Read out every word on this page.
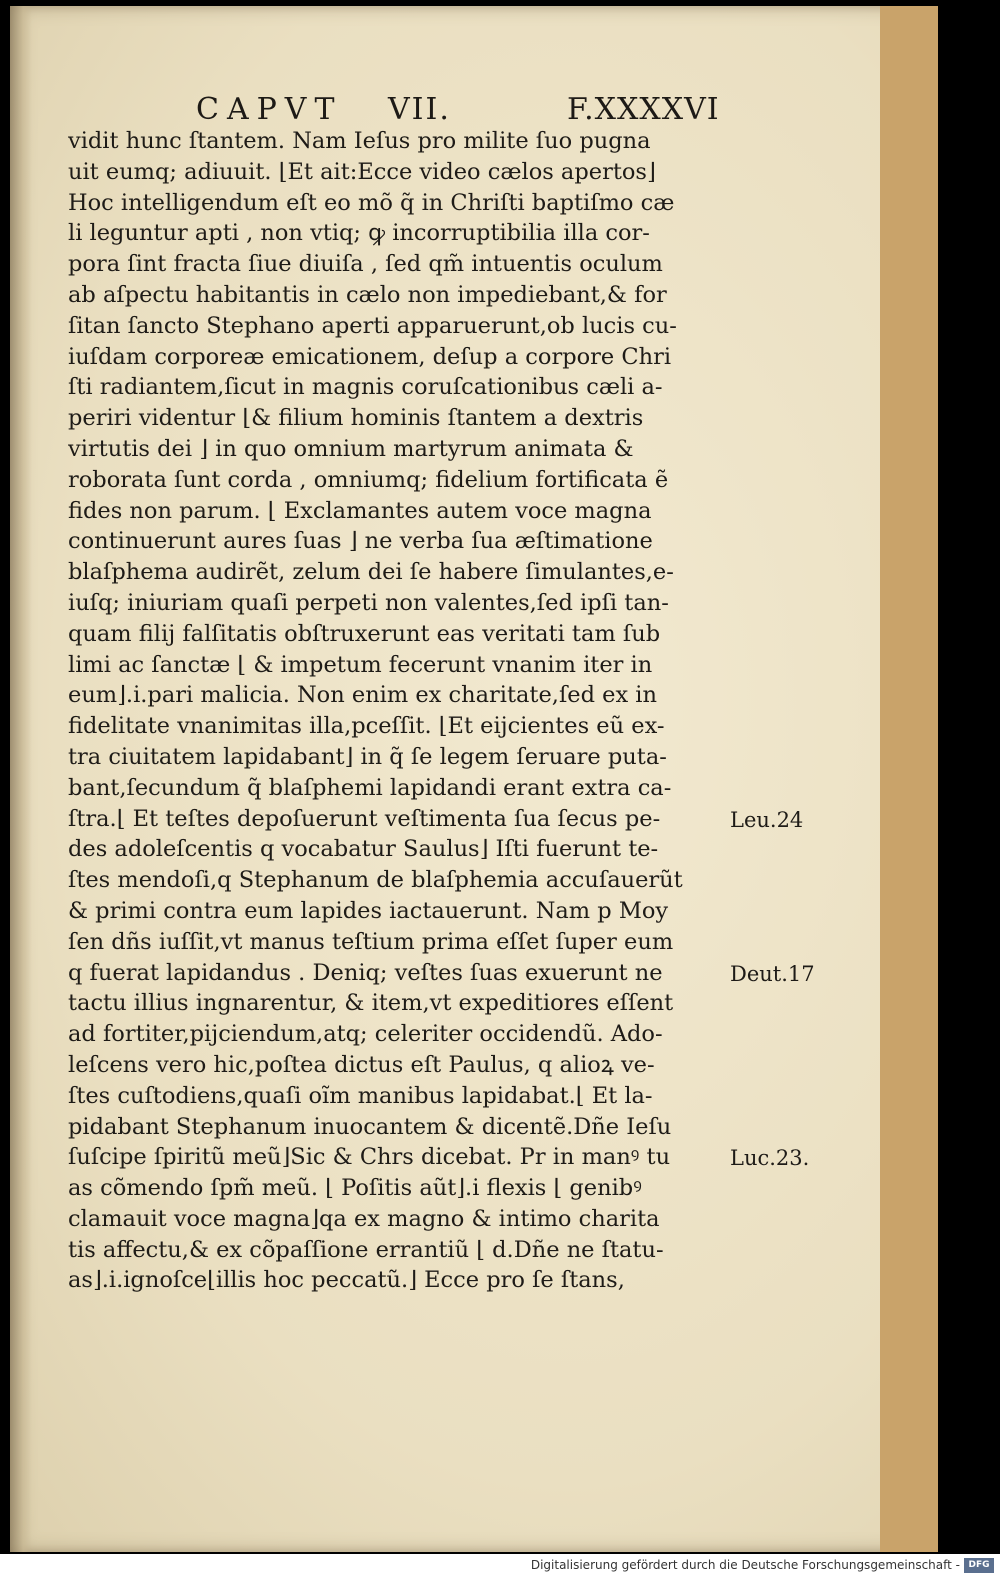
CAPVT VII.	F.XXXXVI
vidit hunc ſtantem. Nam Ieſus pro milite ſuo pugna
uit eumq; adiuuit. ⌊Et ait:Ecce video cælos apertos⌋
Hoc intelligendum eſt eo mõ q̃ in Chriſti baptiſmo cæ
li leguntur apti , non vtiq; ꝙ incorruptibilia illa cor-
pora ſint fracta ſiue diuiſa , ſed qm̃ intuentis oculum
ab aſpectu habitantis in cælo non impediebant,& for
ſitan ſancto Stephano aperti apparuerunt,ob lucis cu-
iuſdam corporeæ emicationem, deſup a corpore Chri
ſti radiantem,ſicut in magnis coruſcationibus cæli a-
periri videntur ⌊& filium hominis ſtantem a dextris
virtutis dei ⌋ in quo omnium martyrum animata &
roborata ſunt corda , omniumq; fidelium fortificata ẽ
fides non parum. ⌊ Exclamantes autem voce magna
continuerunt aures ſuas ⌋ ne verba ſua æſtimatione
blaſphema audirẽt, zelum dei ſe habere ſimulantes,e-
iuſq; iniuriam quaſi perpeti non valentes,ſed ipſi tan-
quam filij falſitatis obſtruxerunt eas veritati tam ſub
limi ac ſanctæ ⌊ & impetum fecerunt vnanim iter in
eum⌋.i.pari malicia. Non enim ex charitate,ſed ex in
fidelitate vnanimitas illa,pceſſit. ⌊Et eijcientes eũ ex-
tra ciuitatem lapidabant⌋ in q̃ ſe legem ſeruare puta-
bant,ſecundum q̃ blaſphemi lapidandi erant extra ca-
ſtra.⌊ Et teſtes depoſuerunt veſtimenta ſua ſecus pe-
des adoleſcentis q vocabatur Saulus⌋ Iſti fuerunt te-
ſtes mendoſi,q Stephanum de blaſphemia accuſauerũt
& primi contra eum lapides iactauerunt. Nam p Moy
ſen dñs iuſſit,vt manus teſtium prima eſſet ſuper eum
q fuerat lapidandus . Deniq; veſtes ſuas exuerunt ne
tactu illius ingnarentur, & item,vt expeditiores eſſent
ad fortiter,pijciendum,atq; celeriter occidendũ. Ado-
leſcens vero hic,poſtea dictus eſt Paulus, q alioꝝ ve-
ſtes cuſtodiens,quaſi oĩm manibus lapidabat.⌊ Et la-
pidabant Stephanum inuocantem & dicentẽ.Dñe Ieſu
ſuſcipe ſpiritũ meũ⌋Sic & Chrs dicebat. Pr in manꝰ tu
as cõmendo ſpm̃ meũ. ⌊ Poſitis aũt⌋.i flexis ⌊ genibꝰ
clamauit voce magna⌋qa ex magno & intimo charita
tis affectu,& ex cõpaſſione errantiũ ⌊ d.Dñe ne ſtatu-
as⌋.i.ignoſce⌊illis hoc peccatũ.⌋ Ecce pro ſe ſtans,
Leu.24
Deut.17
Luc.23.
Digitalisierung gefördert durch die Deutsche Forschungsgemeinschaft - DFG
